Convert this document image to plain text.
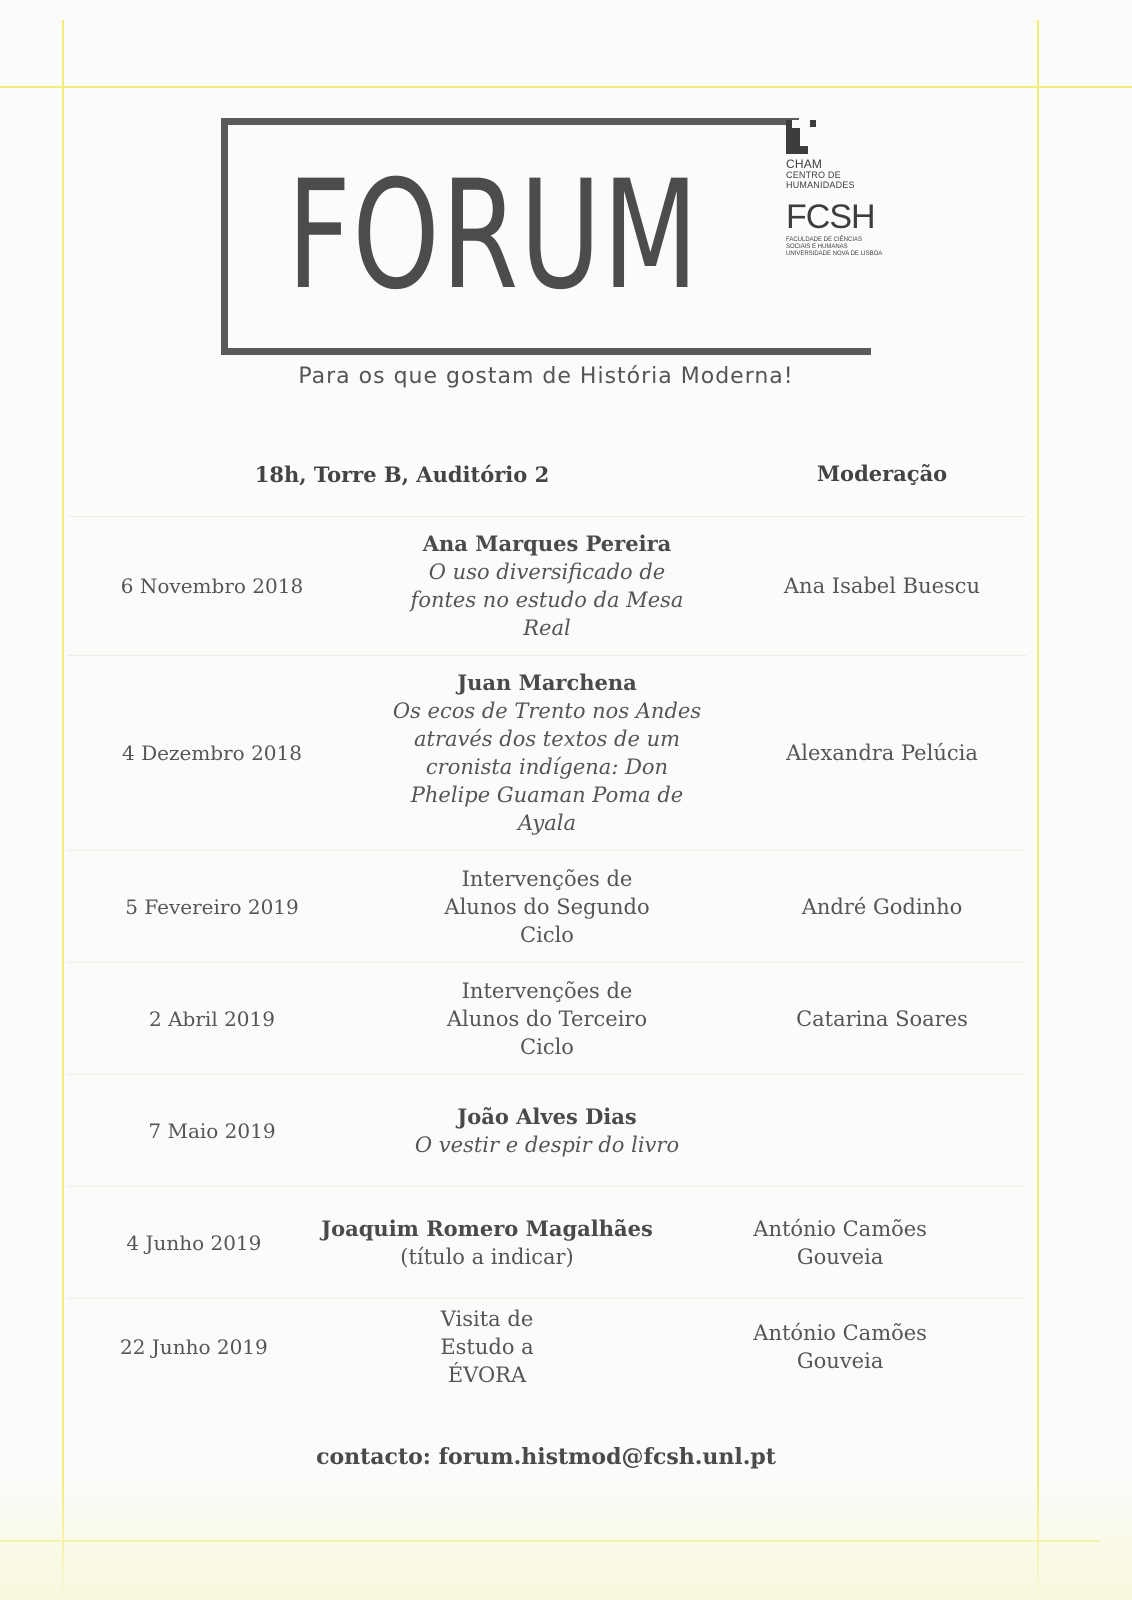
FORUM	CHAM
CENTRO DE
HUMANIDADES
FCSH
FACULDADE DE CIÊNCIAS
SOCIAIS E HUMANAS
UNIVERSIDADE NOVA DE LISBOA
Para os que gostam de História Moderna!
18h, Torre B, Auditório 2	Moderação
6 Novembro 2018
Ana Marques Pereira
O uso diversificado de fontes no estudo da Mesa Real
Ana Isabel Buescu
4 Dezembro 2018
Juan Marchena
Os ecos de Trento nos Andes através dos textos de um cronista indígena: Don Phelipe Guaman Poma de Ayala
Alexandra Pelúcia
5 Fevereiro 2019
Intervenções de Alunos do Segundo Ciclo
André Godinho
2 Abril 2019
Intervenções de Alunos do Terceiro Ciclo
Catarina Soares
7 Maio 2019
João Alves Dias
O vestir e despir do livro
4 Junho 2019
Joaquim Romero Magalhães
(título a indicar)
António Camões Gouveia
22 Junho 2019
Visita de Estudo a ÉVORA
António Camões Gouveia
contacto: forum.histmod@fcsh.unl.pt
